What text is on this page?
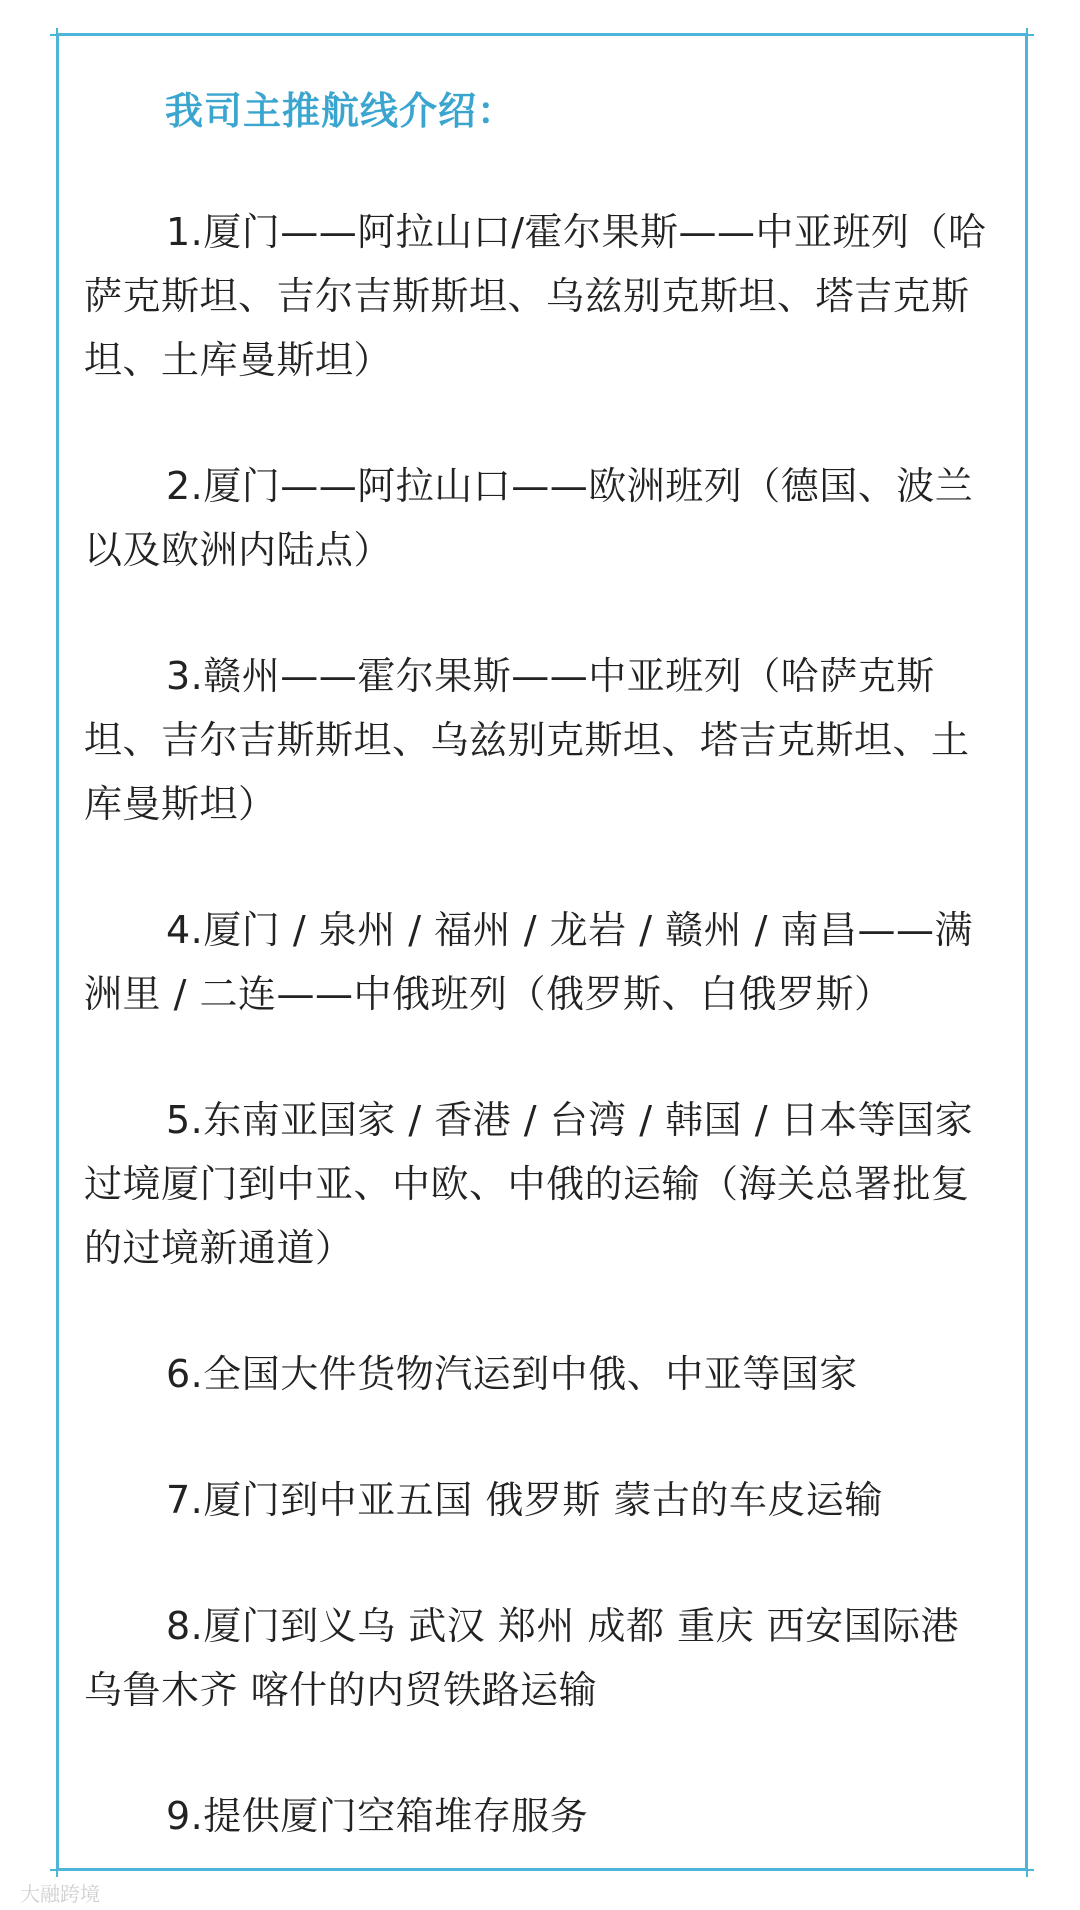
我司主推航线介绍：

1.厦门——阿拉山口/霍尔果斯——中亚班列（哈萨克斯坦、吉尔吉斯斯坦、乌兹别克斯坦、塔吉克斯坦、土库曼斯坦）

2.厦门——阿拉山口——欧洲班列（德国、波兰以及欧洲内陆点）

3.赣州——霍尔果斯——中亚班列（哈萨克斯坦、吉尔吉斯斯坦、乌兹别克斯坦、塔吉克斯坦、土库曼斯坦）

4.厦门 / 泉州 / 福州 / 龙岩 / 赣州 / 南昌——满洲里 / 二连——中俄班列（俄罗斯、白俄罗斯）

5.东南亚国家 / 香港 / 台湾 / 韩国 / 日本等国家过境厦门到中亚、中欧、中俄的运输（海关总署批复的过境新通道）

6.全国大件货物汽运到中俄、中亚等国家

7.厦门到中亚五国 俄罗斯 蒙古的车皮运输

8.厦门到义乌 武汉 郑州 成都 重庆 西安国际港 乌鲁木齐 喀什的内贸铁路运输

9.提供厦门空箱堆存服务

大融跨境
